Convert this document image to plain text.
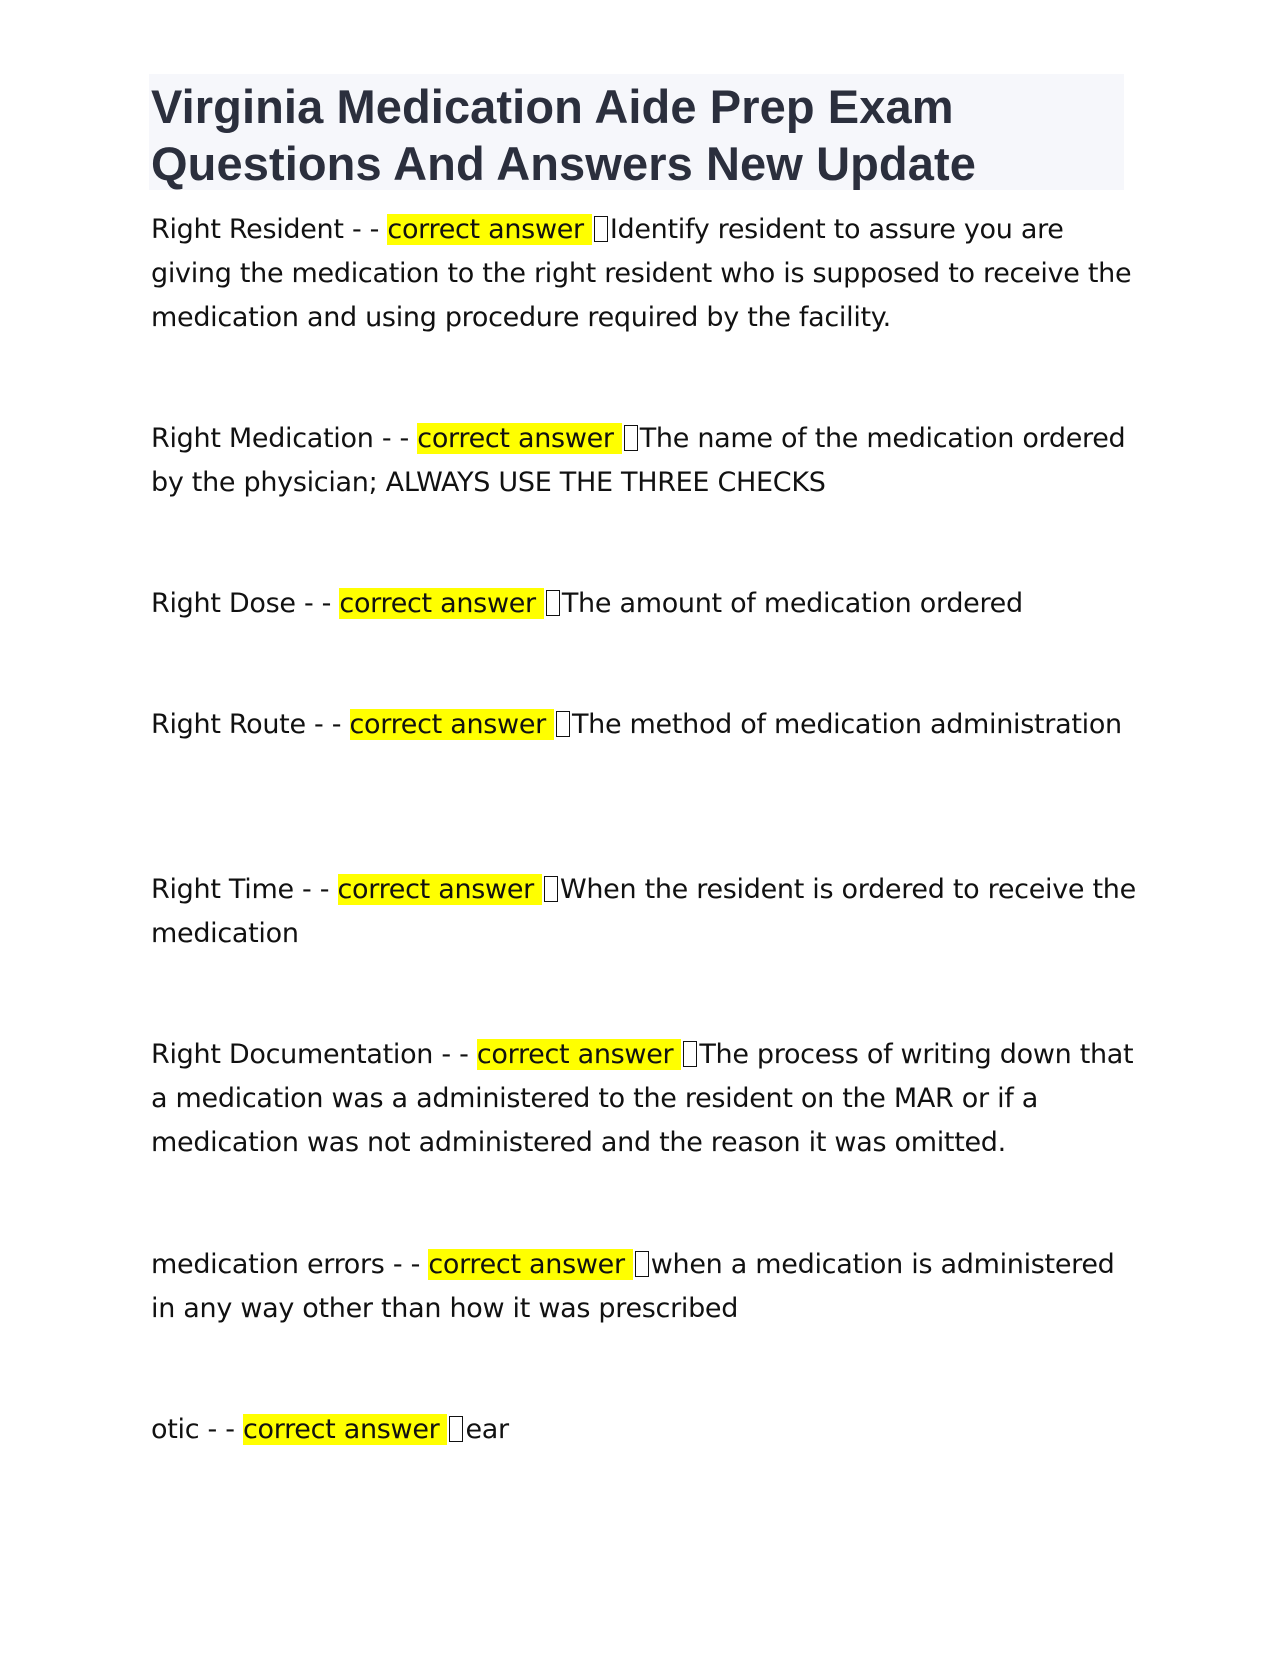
Virginia Medication Aide Prep Exam Questions And Answers New Update

Right Resident - - correct answer Identify resident to assure you are giving the medication to the right resident who is supposed to receive the medication and using procedure required by the facility.

Right Medication - - correct answer The name of the medication ordered by the physician; ALWAYS USE THE THREE CHECKS

Right Dose - - correct answer The amount of medication ordered

Right Route - - correct answer The method of medication administration

Right Time - - correct answer When the resident is ordered to receive the medication

Right Documentation - - correct answer The process of writing down that a medication was a administered to the resident on the MAR or if a medication was not administered and the reason it was omitted.

medication errors - - correct answer when a medication is administered in any way other than how it was prescribed

otic - - correct answer ear
